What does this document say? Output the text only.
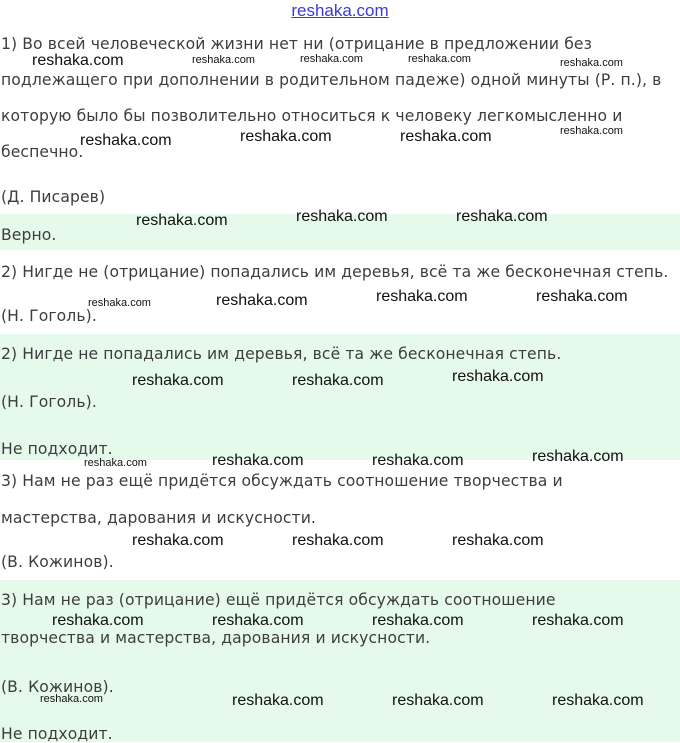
reshaka.com
1) Во всей человеческой жизни нет ни (отрицание в предложении без
подлежащего при дополнении в родительном падеже) одной минуты (Р. п.), в
которую было бы позволительно относиться к человеку легкомысленно и
беспечно.
(Д. Писарев)
Верно.
2) Нигде не (отрицание) попадались им деревья, всё та же бесконечная степь.
(Н. Гоголь).
2) Нигде не попадались им деревья, всё та же бесконечная степь.
(Н. Гоголь).
Не подходит.
3) Нам не раз ещё придётся обсуждать соотношение творчества и
мастерства, дарования и искусности.
(В. Кожинов).
3) Нам не раз (отрицание) ещё придётся обсуждать соотношение
творчества и мастерства, дарования и искусности.
(В. Кожинов).
Не подходит.
reshaka.com	reshaka.com	reshaka.com	reshaka.com	reshaka.com
reshaka.com	reshaka.com	reshaka.com	reshaka.com
reshaka.com	reshaka.com	reshaka.com
reshaka.com	reshaka.com	reshaka.com	reshaka.com
reshaka.com	reshaka.com	reshaka.com
reshaka.com	reshaka.com	reshaka.com	reshaka.com
reshaka.com	reshaka.com	reshaka.com
reshaka.com	reshaka.com	reshaka.com	reshaka.com
reshaka.com	reshaka.com	reshaka.com	reshaka.com
